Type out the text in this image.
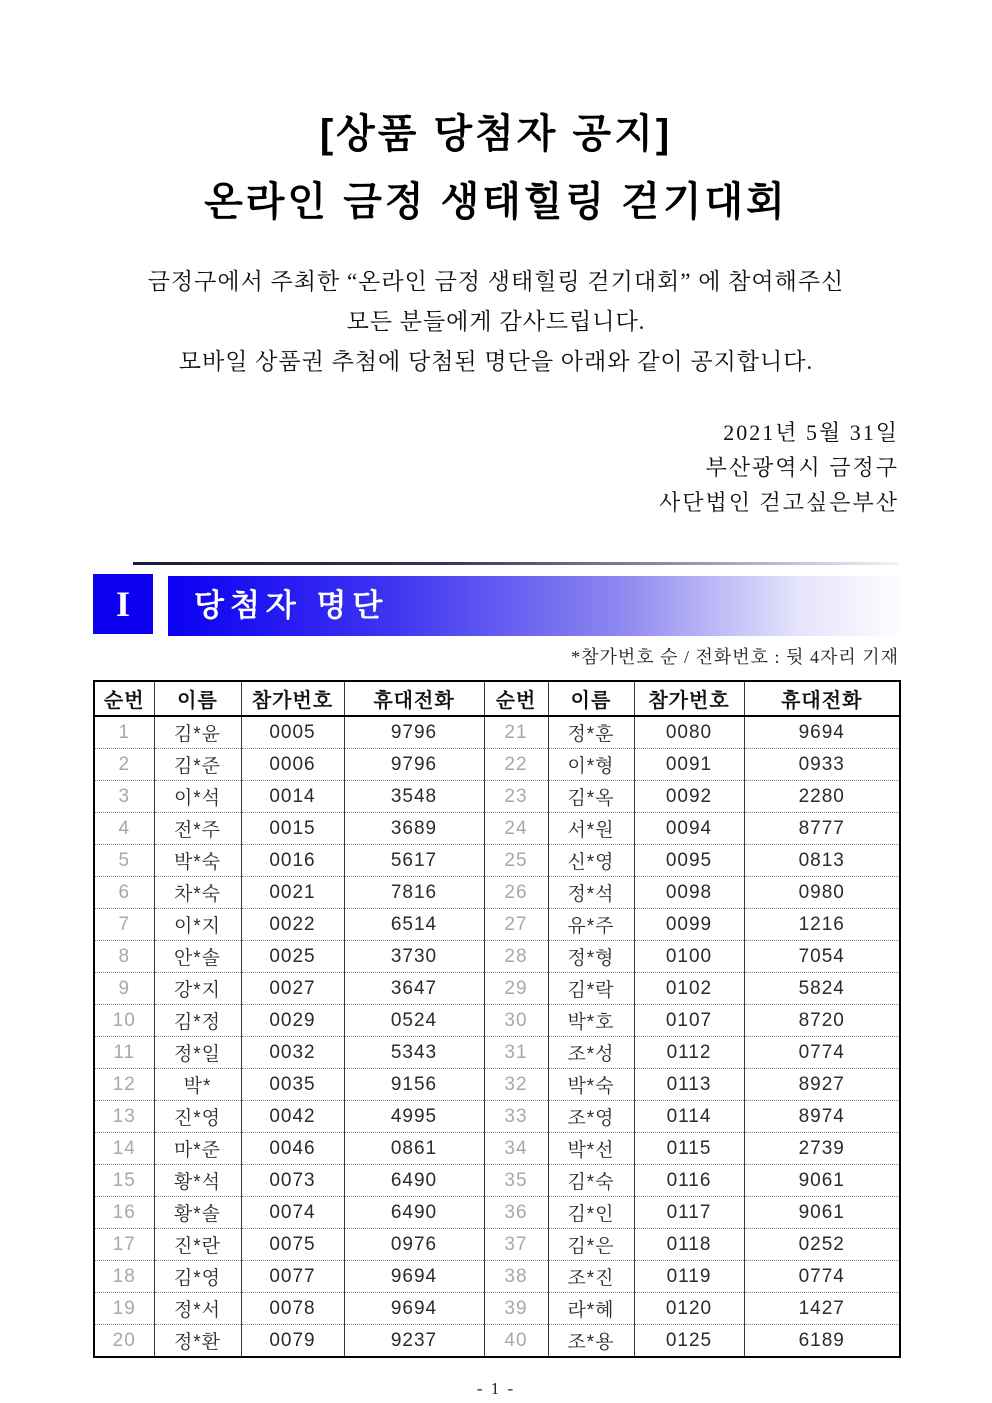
[상품 당첨자 공지]
온라인 금정 생태힐링 걷기대회
금정구에서 주최한 “온라인 금정 생태힐링 걷기대회” 에 참여해주신
모든 분들에게 감사드립니다.
모바일 상품권 추첨에 당첨된 명단을 아래와 같이 공지합니다.
2021년 5월 31일
부산광역시 금정구
사단법인 걷고싶은부산
I	당첨자 명단
*참가번호 순 / 전화번호 : 뒷 4자리 기재
순번	이름	참가번호	휴대전화	순번	이름	참가번호	휴대전화
1	김*윤	0005	9796	21	정*훈	0080	9694
2	김*준	0006	9796	22	이*형	0091	0933
3	이*석	0014	3548	23	김*옥	0092	2280
4	전*주	0015	3689	24	서*원	0094	8777
5	박*숙	0016	5617	25	신*영	0095	0813
6	차*숙	0021	7816	26	정*석	0098	0980
7	이*지	0022	6514	27	유*주	0099	1216
8	안*솔	0025	3730	28	정*형	0100	7054
9	강*지	0027	3647	29	김*락	0102	5824
10	김*정	0029	0524	30	박*호	0107	8720
11	정*일	0032	5343	31	조*성	0112	0774
12	박*	0035	9156	32	박*숙	0113	8927
13	진*영	0042	4995	33	조*영	0114	8974
14	마*준	0046	0861	34	박*선	0115	2739
15	황*석	0073	6490	35	김*숙	0116	9061
16	황*솔	0074	6490	36	김*인	0117	9061
17	진*란	0075	0976	37	김*은	0118	0252
18	김*영	0077	9694	38	조*진	0119	0774
19	정*서	0078	9694	39	라*혜	0120	1427
20	정*환	0079	9237	40	조*용	0125	6189
- 1 -
